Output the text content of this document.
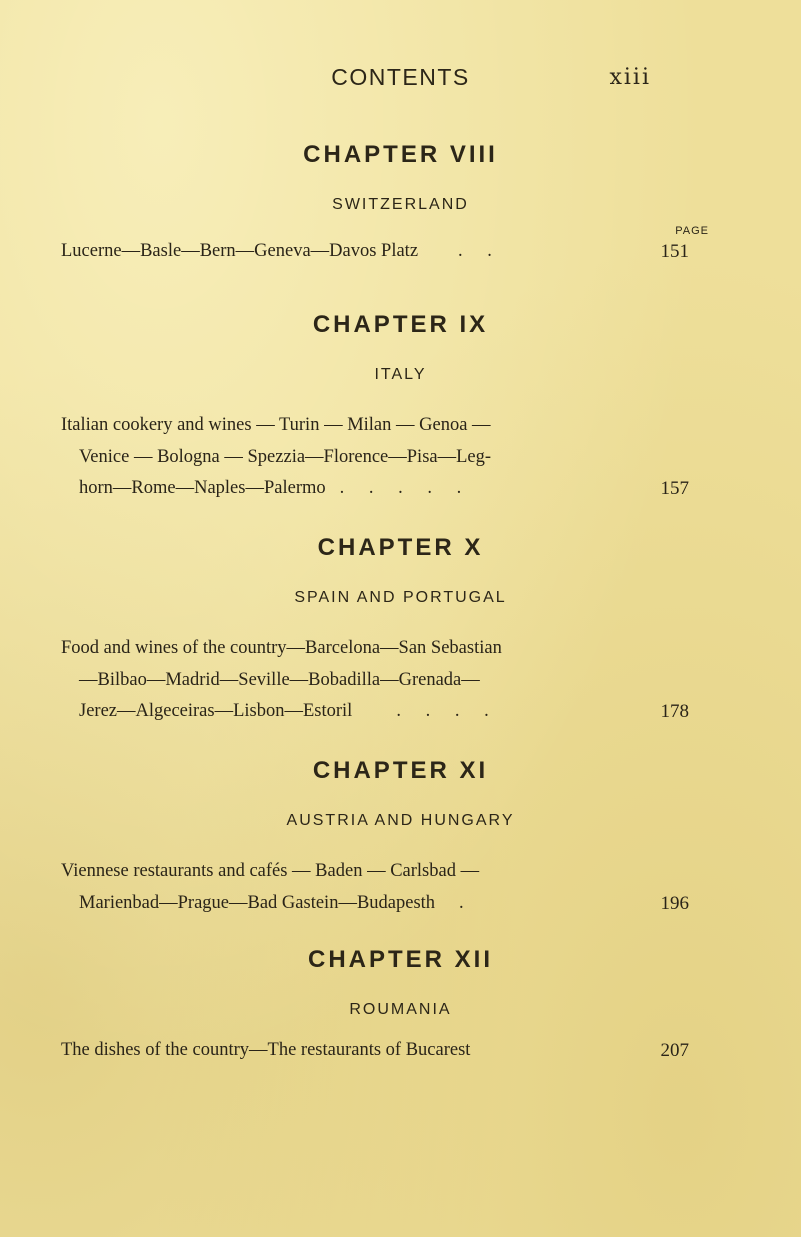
CONTENTS	xiii
CHAPTER VIII
SWITZERLAND
PAGE
Lucerne—Basle—Bern—Geneva—Davos Platz . .	151
CHAPTER IX
ITALY
Italian cookery and wines — Turin — Milan — Genoa —
Venice — Bologna — Spezzia—Florence—Pisa—Leg-
horn—Rome—Naples—Palermo . . . . .	157
CHAPTER X
SPAIN AND PORTUGAL
Food and wines of the country—Barcelona—San Sebastian
—Bilbao—Madrid—Seville—Bobadilla—Grenada—
Jerez—Algeceiras—Lisbon—Estoril . . . .	178
CHAPTER XI
AUSTRIA AND HUNGARY
Viennese restaurants and cafés — Baden — Carlsbad —
Marienbad—Prague—Bad Gastein—Budapesth .	196
CHAPTER XII
ROUMANIA
The dishes of the country—The restaurants of Bucarest	207
